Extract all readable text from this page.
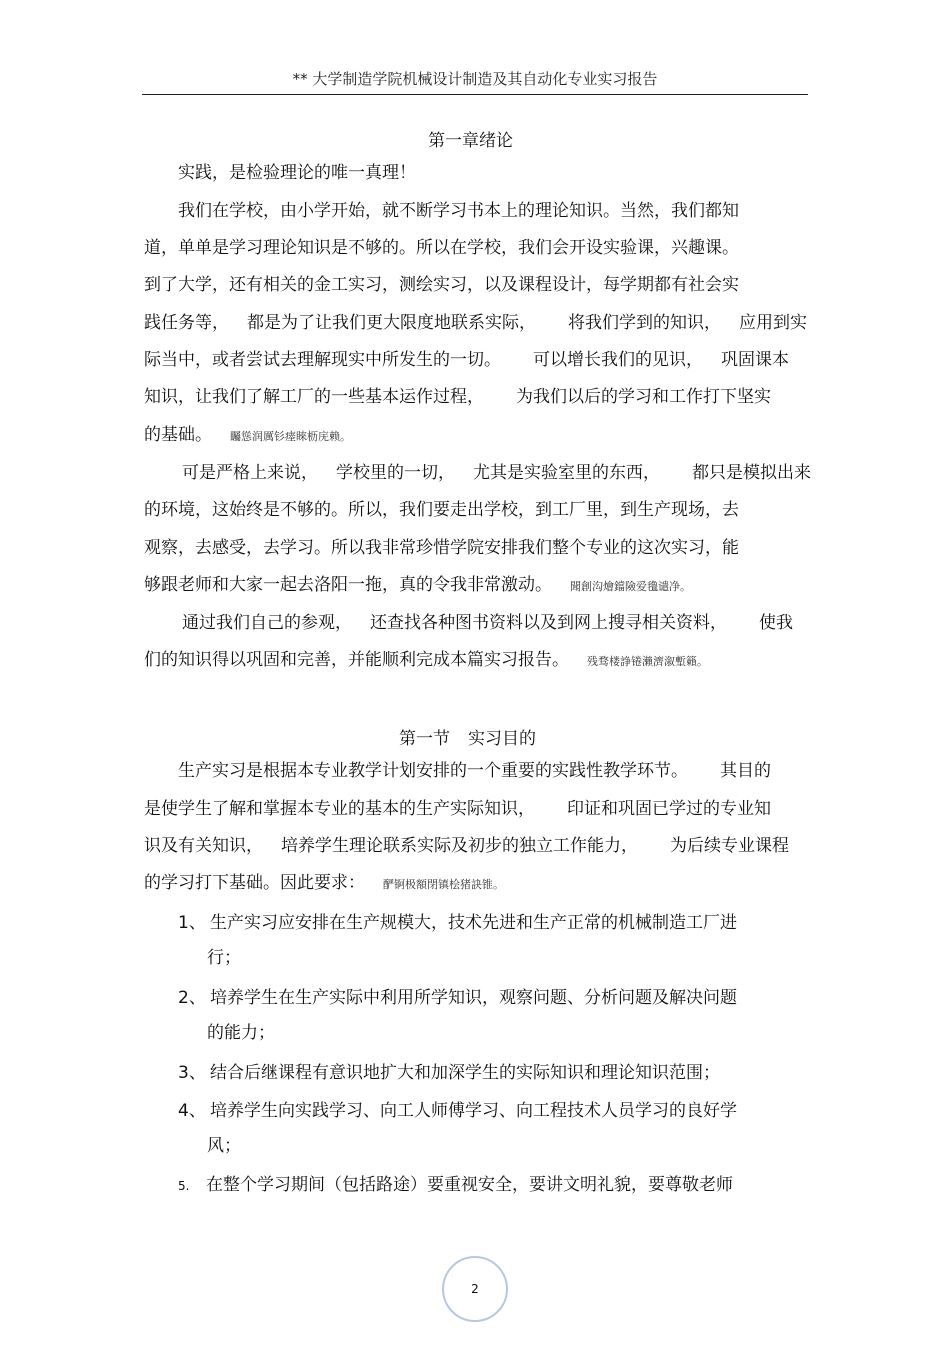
** 大学制造学院机械设计制造及其自动化专业实习报告
第一章绪论
实践，是检验理论的唯一真理！
我们在学校，由小学开始，就不断学习书本上的理论知识。当然，我们都知
道，单单是学习理论知识是不够的。所以在学校，我们会开设实验课，兴趣课。
到了大学，还有相关的金工实习，测绘实习，以及课程设计，每学期都有社会实
践任务等， 都是为了让我们更大限度地联系实际， 将我们学到的知识， 应用到实
际当中，或者尝试去理解现实中所发生的一切。 可以增长我们的见识， 巩固课本
知识，让我们了解工厂的一些基本运作过程， 为我们以后的学习和工作打下坚实
的基础。 矚慫润厲钐瘗睞枥庑赖。
可是严格上来说， 学校里的一切， 尤其是实验室里的东西， 都只是模拟出来
的环境，这始终是不够的。所以，我们要走出学校，到工厂里，到生产现场，去
观察，去感受，去学习。所以我非常珍惜学院安排我们整个专业的这次实习，能
够跟老师和大家一起去洛阳一拖，真的令我非常激动。 聞創沟燴鐺險爱氇谴净。
通过我们自己的参观， 还查找各种图书资料以及到网上搜寻相关资料， 使我
们的知识得以巩固和完善，并能顺利完成本篇实习报告。 残骛楼諍锩瀨濟溆塹籟。
第一节 实习目的
生产实习是根据本专业教学计划安排的一个重要的实践性教学环节。 其目的
是使学生了解和掌握本专业的基本的生产实际知识， 印证和巩固已学过的专业知
识及有关知识， 培养学生理论联系实际及初步的独立工作能力， 为后续专业课程
的学习打下基础。因此要求： 酽锕极額閉镇桧猪訣锥。
1、 生产实习应安排在生产规模大，技术先进和生产正常的机械制造工厂进
行；
2、 培养学生在生产实际中利用所学知识，观察问题、分析问题及解决问题
的能力；
3、 结合后继课程有意识地扩大和加深学生的实际知识和理论知识范围；
4、 培养学生向实践学习、向工人师傅学习、向工程技术人员学习的良好学
风；
5. 在整个学习期间（包括路途）要重视安全，要讲文明礼貌，要尊敬老师
2
